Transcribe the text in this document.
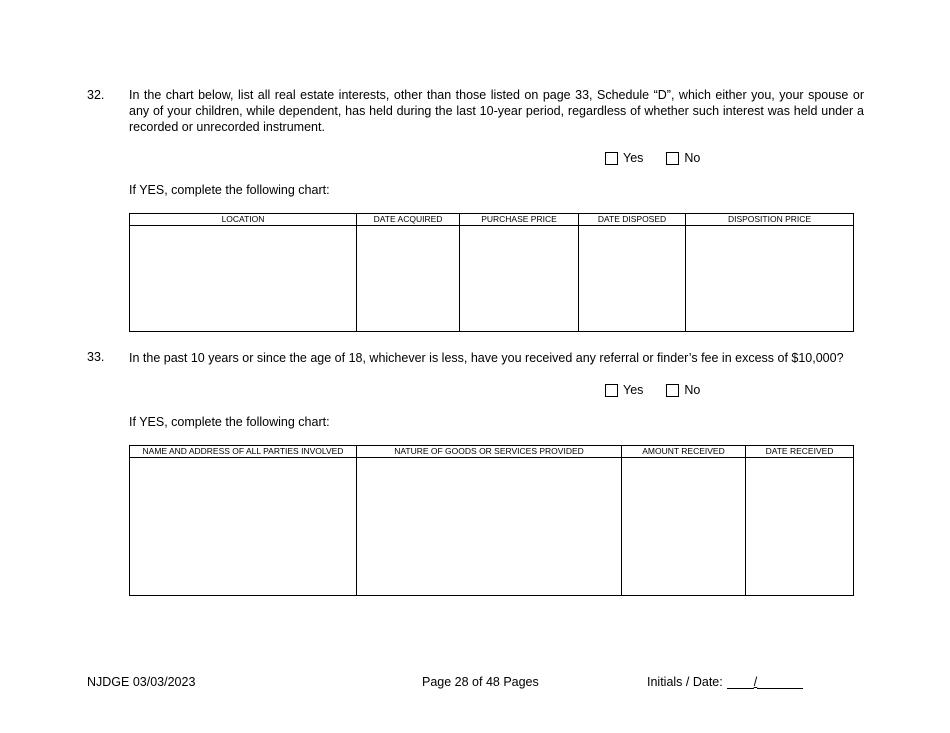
32. In the chart below, list all real estate interests, other than those listed on page 33, Schedule “D”, which either you, your spouse or any of your children, while dependent, has held during the last 10-year period, regardless of whether such interest was held under a recorded or unrecorded instrument.
Yes	No
If YES, complete the following chart:
LOCATION	DATE ACQUIRED	PURCHASE PRICE	DATE DISPOSED	DISPOSITION PRICE

33. In the past 10 years or since the age of 18, whichever is less, have you received any referral or finder’s fee in excess of $10,000?
Yes	No
If YES, complete the following chart:
NAME AND ADDRESS OF ALL PARTIES INVOLVED	NATURE OF GOODS OR SERVICES PROVIDED	AMOUNT RECEIVED	DATE RECEIVED

NJDGE 03/03/2023	Page 28 of 48 Pages	Initials / Date: /
